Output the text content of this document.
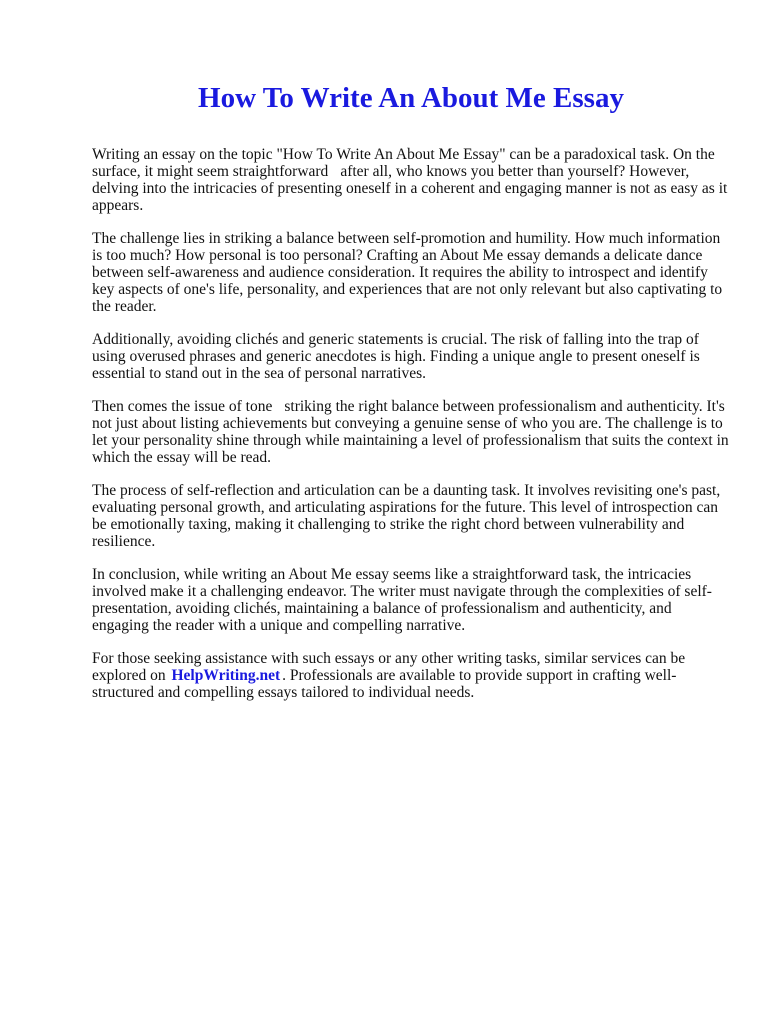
How To Write An About Me Essay

Writing an essay on the topic "How To Write An About Me Essay" can be a paradoxical task. On the surface, it might seem straightforward after all, who knows you better than yourself? However, delving into the intricacies of presenting oneself in a coherent and engaging manner is not as easy as it appears.

The challenge lies in striking a balance between self-promotion and humility. How much information is too much? How personal is too personal? Crafting an About Me essay demands a delicate dance between self-awareness and audience consideration. It requires the ability to introspect and identify key aspects of one's life, personality, and experiences that are not only relevant but also captivating to the reader.

Additionally, avoiding clichés and generic statements is crucial. The risk of falling into the trap of using overused phrases and generic anecdotes is high. Finding a unique angle to present oneself is essential to stand out in the sea of personal narratives.

Then comes the issue of tone striking the right balance between professionalism and authenticity. It's not just about listing achievements but conveying a genuine sense of who you are. The challenge is to let your personality shine through while maintaining a level of professionalism that suits the context in which the essay will be read.

The process of self-reflection and articulation can be a daunting task. It involves revisiting one's past, evaluating personal growth, and articulating aspirations for the future. This level of introspection can be emotionally taxing, making it challenging to strike the right chord between vulnerability and resilience.

In conclusion, while writing an About Me essay seems like a straightforward task, the intricacies involved make it a challenging endeavor. The writer must navigate through the complexities of self-presentation, avoiding clichés, maintaining a balance of professionalism and authenticity, and engaging the reader with a unique and compelling narrative.

For those seeking assistance with such essays or any other writing tasks, similar services can be explored on HelpWriting.net . Professionals are available to provide support in crafting well-structured and compelling essays tailored to individual needs.
